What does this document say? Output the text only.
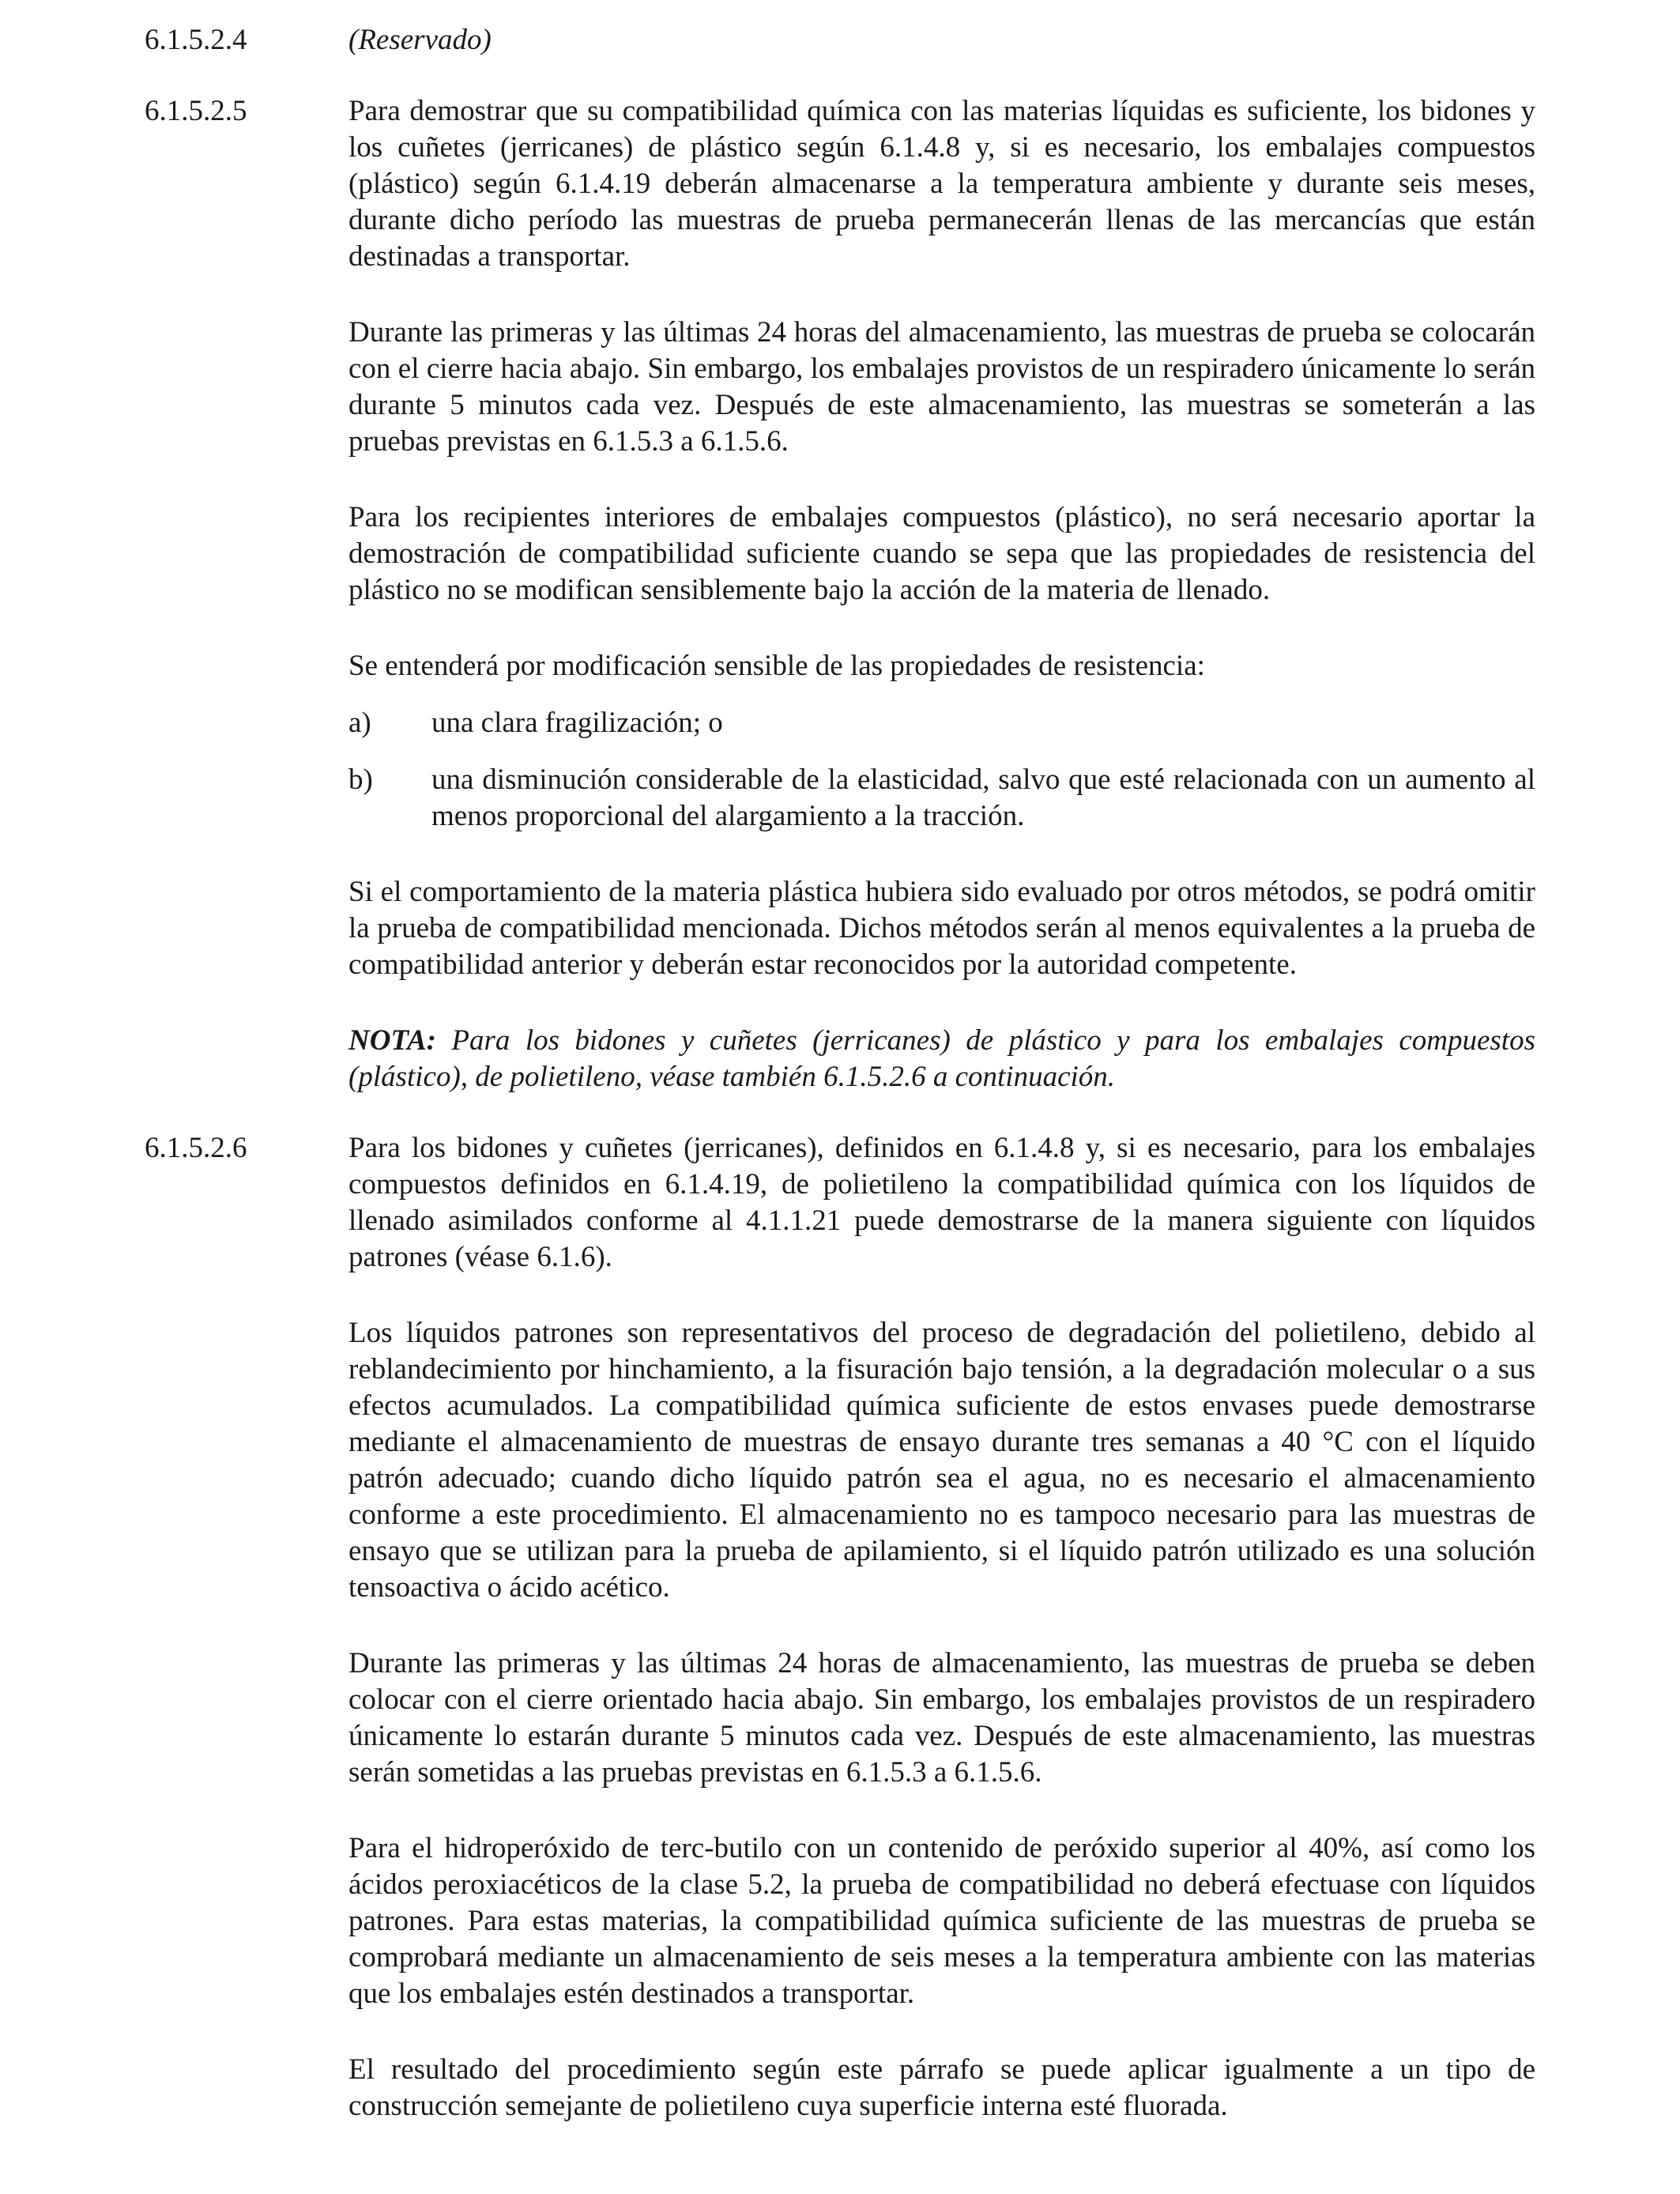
6.1.5.2.4	(Reservado)

6.1.5.2.5	Para demostrar que su compatibilidad química con las materias líquidas es suficiente, los bidones y los cuñetes (jerricanes) de plástico según 6.1.4.8 y, si es necesario, los embalajes compuestos (plástico) según 6.1.4.19 deberán almacenarse a la temperatura ambiente y durante seis meses, durante dicho período las muestras de prueba permanecerán llenas de las mercancías que están destinadas a transportar.

Durante las primeras y las últimas 24 horas del almacenamiento, las muestras de prueba se colocarán con el cierre hacia abajo. Sin embargo, los embalajes provistos de un respiradero únicamente lo serán durante 5 minutos cada vez. Después de este almacenamiento, las muestras se someterán a las pruebas previstas en 6.1.5.3 a 6.1.5.6.

Para los recipientes interiores de embalajes compuestos (plástico), no será necesario aportar la demostración de compatibilidad suficiente cuando se sepa que las propiedades de resistencia del plástico no se modifican sensiblemente bajo la acción de la materia de llenado.

Se entenderá por modificación sensible de las propiedades de resistencia:

a)	una clara fragilización; o
b)	una disminución considerable de la elasticidad, salvo que esté relacionada con un aumento al menos proporcional del alargamiento a la tracción.

Si el comportamiento de la materia plástica hubiera sido evaluado por otros métodos, se podrá omitir la prueba de compatibilidad mencionada. Dichos métodos serán al menos equivalentes a la prueba de compatibilidad anterior y deberán estar reconocidos por la autoridad competente.

NOTA: Para los bidones y cuñetes (jerricanes) de plástico y para los embalajes compuestos (plástico), de polietileno, véase también 6.1.5.2.6 a continuación.

6.1.5.2.6	Para los bidones y cuñetes (jerricanes), definidos en 6.1.4.8 y, si es necesario, para los embalajes compuestos definidos en 6.1.4.19, de polietileno la compatibilidad química con los líquidos de llenado asimilados conforme al 4.1.1.21 puede demostrarse de la manera siguiente con líquidos patrones (véase 6.1.6).

Los líquidos patrones son representativos del proceso de degradación del polietileno, debido al reblandecimiento por hinchamiento, a la fisuración bajo tensión, a la degradación molecular o a sus efectos acumulados. La compatibilidad química suficiente de estos envases puede demostrarse mediante el almacenamiento de muestras de ensayo durante tres semanas a 40 °C con el líquido patrón adecuado; cuando dicho líquido patrón sea el agua, no es necesario el almacenamiento conforme a este procedimiento. El almacenamiento no es tampoco necesario para las muestras de ensayo que se utilizan para la prueba de apilamiento, si el líquido patrón utilizado es una solución tensoactiva o ácido acético.

Durante las primeras y las últimas 24 horas de almacenamiento, las muestras de prueba se deben colocar con el cierre orientado hacia abajo. Sin embargo, los embalajes provistos de un respiradero únicamente lo estarán durante 5 minutos cada vez. Después de este almacenamiento, las muestras serán sometidas a las pruebas previstas en 6.1.5.3 a 6.1.5.6.

Para el hidroperóxido de terc-butilo con un contenido de peróxido superior al 40%, así como los ácidos peroxiacéticos de la clase 5.2, la prueba de compatibilidad no deberá efectuase con líquidos patrones. Para estas materias, la compatibilidad química suficiente de las muestras de prueba se comprobará mediante un almacenamiento de seis meses a la temperatura ambiente con las materias que los embalajes estén destinados a transportar.

El resultado del procedimiento según este párrafo se puede aplicar igualmente a un tipo de construcción semejante de polietileno cuya superficie interna esté fluorada.
